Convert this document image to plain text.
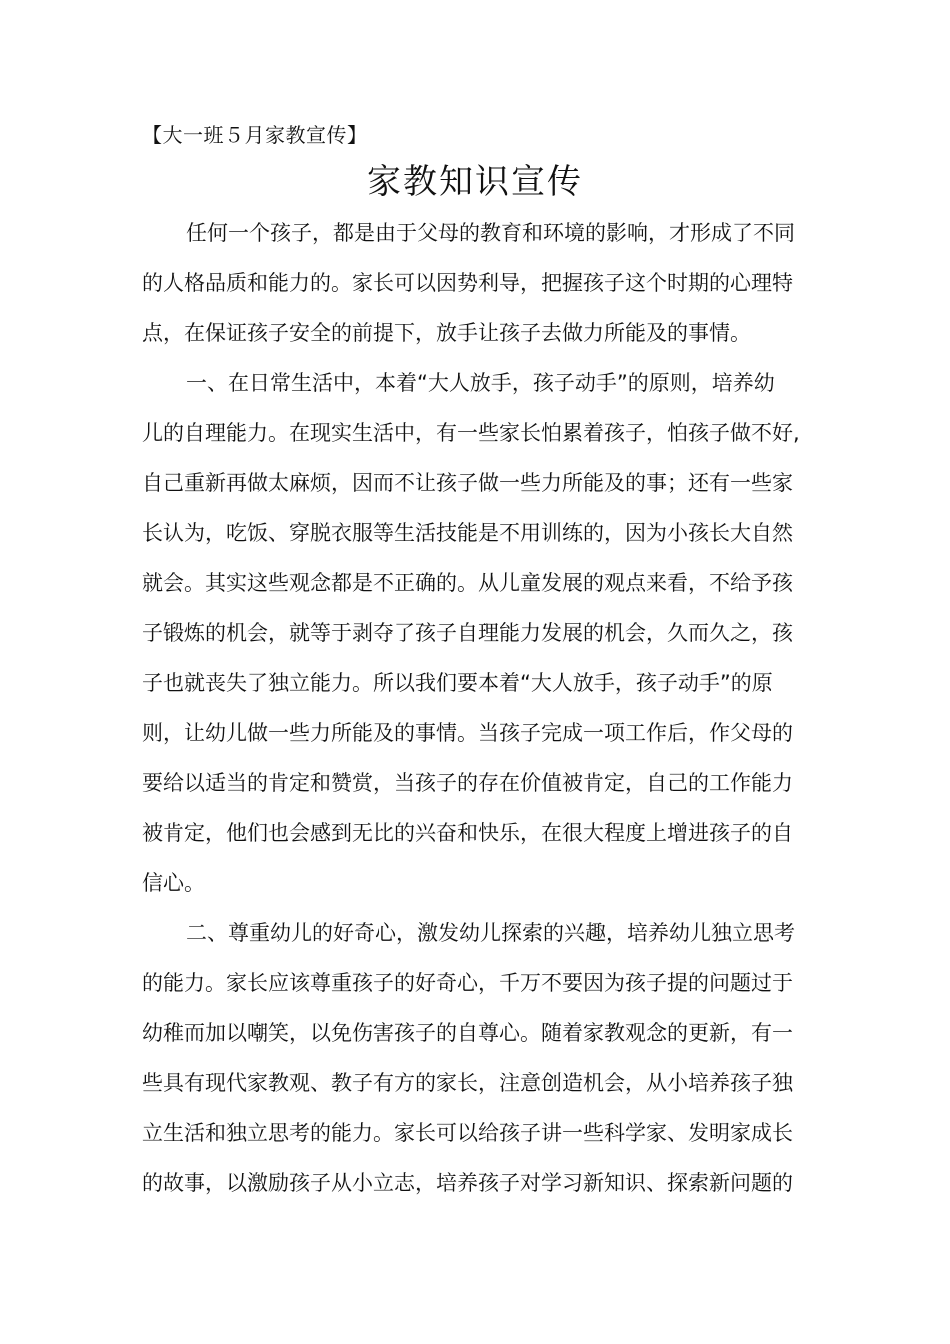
【大一班５月家教宣传】
家教知识宣传
任何一个孩子，都是由于父母的教育和环境的影响，才形成了不同
的人格品质和能力的。家长可以因势利导，把握孩子这个时期的心理特
点，在保证孩子安全的前提下，放手让孩子去做力所能及的事情。
一、在日常生活中，本着“大人放手，孩子动手”的原则，培养幼
儿的自理能力。在现实生活中，有一些家长怕累着孩子，怕孩子做不好,
自己重新再做太麻烦，因而不让孩子做一些力所能及的事；还有一些家
长认为，吃饭、穿脱衣服等生活技能是不用训练的，因为小孩长大自然
就会。其实这些观念都是不正确的。从儿童发展的观点来看，不给予孩
子锻炼的机会，就等于剥夺了孩子自理能力发展的机会，久而久之，孩
子也就丧失了独立能力。所以我们要本着“大人放手，孩子动手”的原
则，让幼儿做一些力所能及的事情。当孩子完成一项工作后，作父母的
要给以适当的肯定和赞赏，当孩子的存在价值被肯定，自己的工作能力
被肯定，他们也会感到无比的兴奋和快乐，在很大程度上增进孩子的自
信心。
二、尊重幼儿的好奇心，激发幼儿探索的兴趣，培养幼儿独立思考
的能力。家长应该尊重孩子的好奇心，千万不要因为孩子提的问题过于
幼稚而加以嘲笑，以免伤害孩子的自尊心。随着家教观念的更新，有一
些具有现代家教观、教子有方的家长，注意创造机会，从小培养孩子独
立生活和独立思考的能力。家长可以给孩子讲一些科学家、发明家成长
的故事，以激励孩子从小立志，培养孩子对学习新知识、探索新问题的
